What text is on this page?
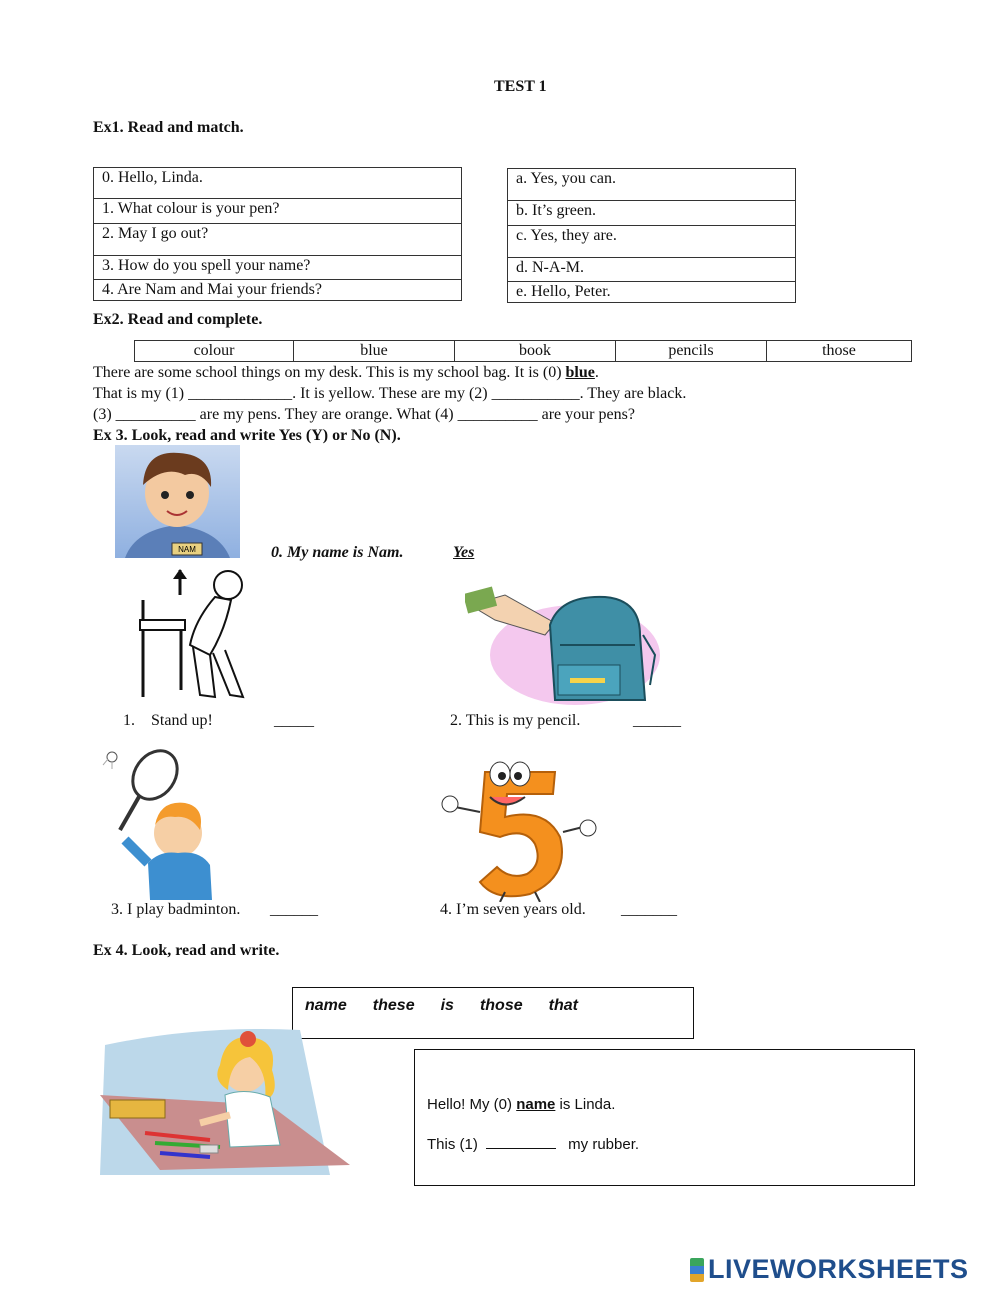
TEST 1
Ex1. Read and match.
0. Hello, Linda.
1. What colour is your pen?
2. May I go out?
3. How do you spell your name?
4. Are Nam and Mai your friends?
a. Yes, you can.
b. It’s green.
c. Yes, they are.
d. N-A-M.
e. Hello, Peter.
Ex2. Read and complete.
colour	blue	book	pencils	those
There are some school things on my desk. This is my school bag. It is (0) blue.
That is my (1) _____________. It is yellow. These are my (2) ___________. They are black.
(3) __________ are my pens. They are orange. What (4) __________ are your pens?
Ex 3. Look, read and write Yes (Y) or No (N).
NAM	0. My name is Nam.	Yes
1.    Stand up!	_____	2. This is my pencil.	______
3. I play badminton. ______	4. I’m seven years old. _______
Ex 4. Look, read and write.
name these is those that
Hello! My (0) name is Linda.
This (1)	my rubber.
LIVEWORKSHEETS
